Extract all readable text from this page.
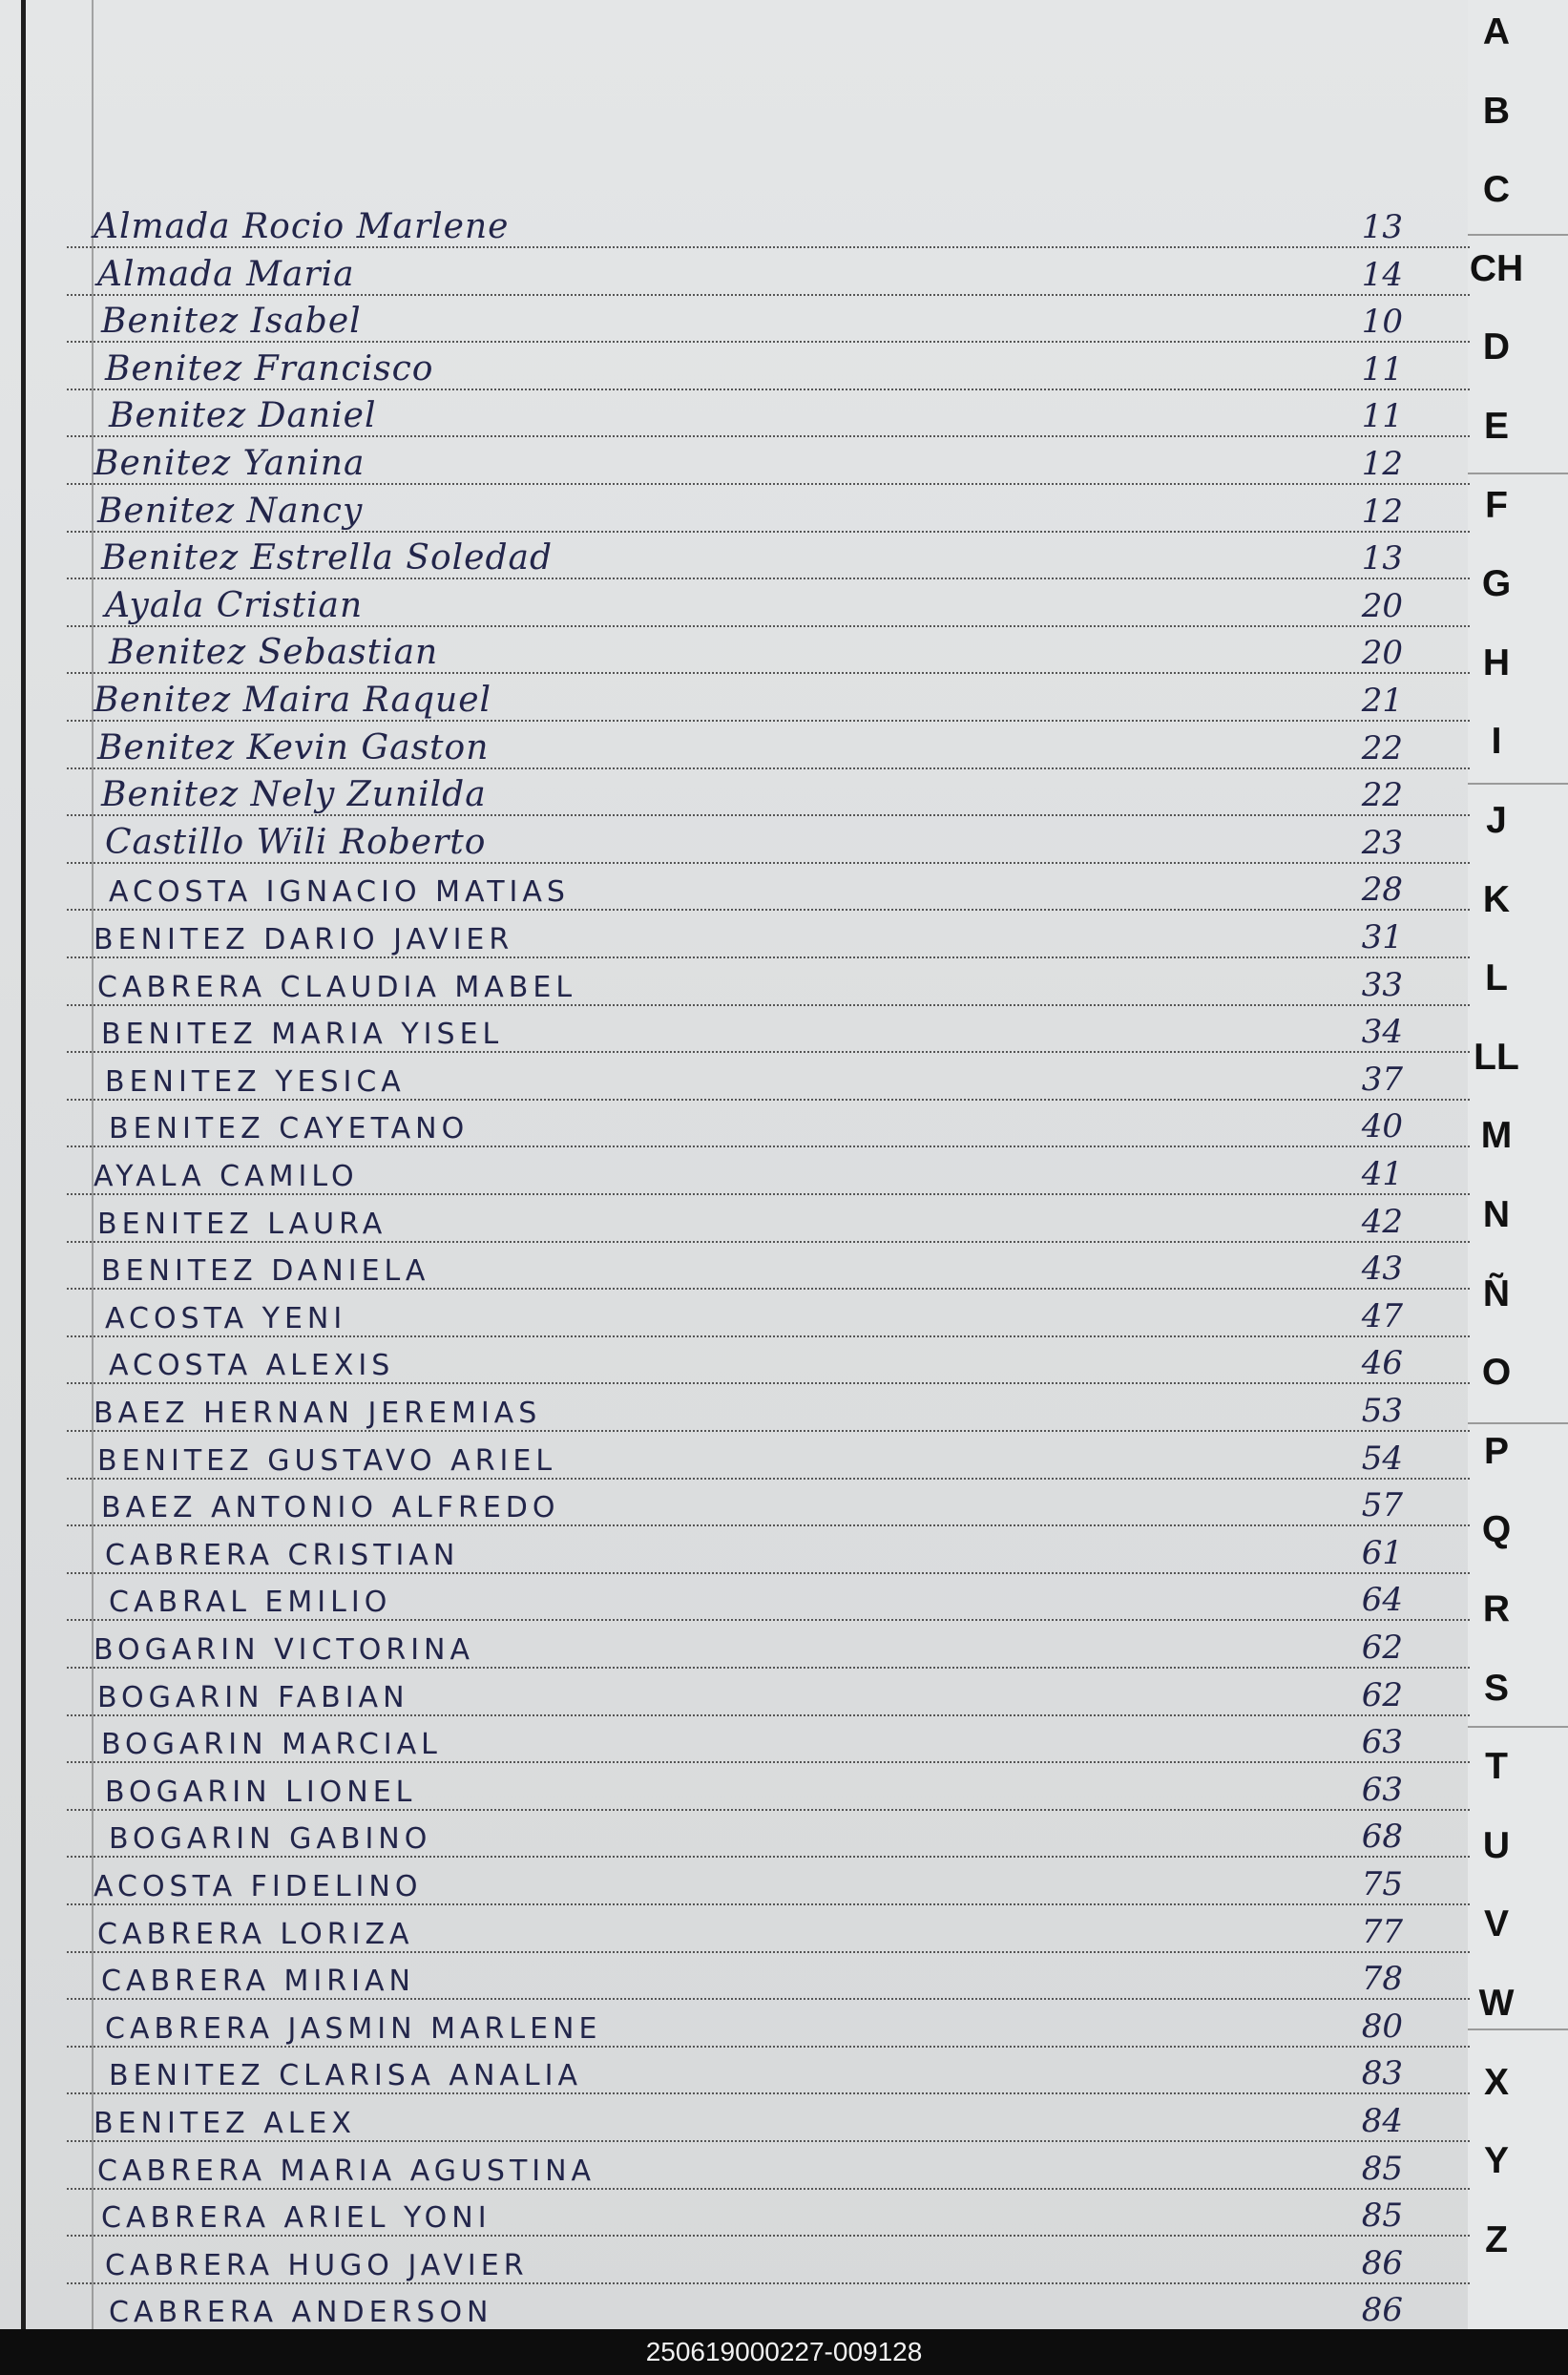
Almada Rocio Marlene	13
Almada Maria	14
Benitez Isabel	10
Benitez Francisco	11
Benitez Daniel	11
Benitez Yanina	12
Benitez Nancy	12
Benitez Estrella Soledad	13
Ayala Cristian	20
Benitez Sebastian	20
Benitez Maira Raquel	21
Benitez Kevin Gaston	22
Benitez Nely Zunilda	22
Castillo Wili Roberto	23
ACOSTA IGNACIO MATIAS	28
BENITEZ DARIO JAVIER	31
CABRERA CLAUDIA MABEL	33
BENITEZ MARIA YISEL	34
BENITEZ YESICA	37
BENITEZ CAYETANO	40
AYALA CAMILO	41
BENITEZ LAURA	42
BENITEZ DANIELA	43
ACOSTA YENI	47
ACOSTA ALEXIS	46
BAEZ HERNAN JEREMIAS	53
BENITEZ GUSTAVO ARIEL	54
BAEZ ANTONIO ALFREDO	57
CABRERA CRISTIAN	61
CABRAL EMILIO	64
BOGARIN VICTORINA	62
BOGARIN FABIAN	62
BOGARIN MARCIAL	63
BOGARIN LIONEL	63
BOGARIN GABINO	68
ACOSTA FIDELINO	75
CABRERA LORIZA	77
CABRERA MIRIAN	78
CABRERA JASMIN MARLENE	80
BENITEZ CLARISA ANALIA	83
BENITEZ ALEX	84
CABRERA MARIA AGUSTINA	85
CABRERA ARIEL YONI	85
CABRERA HUGO JAVIER	86
CABRERA ANDERSON	86
A
B
C
CH
D
E
F
G
H
I
J
K
L
LL
M
N
Ñ
O
P
Q
R
S
T
U
V
W
X
Y
Z
250619000227-009128
